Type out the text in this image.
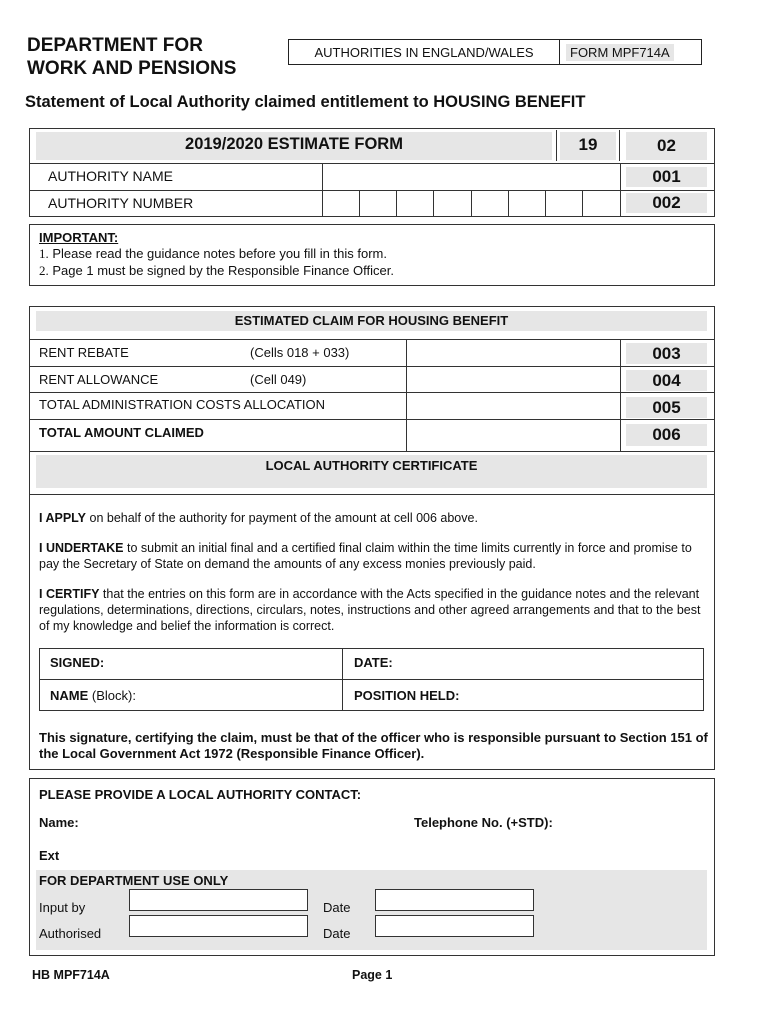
DEPARTMENT FOR
WORK AND PENSIONS
AUTHORITIES IN ENGLAND/WALES	FORM MPF714A
Statement of Local Authority claimed entitlement to HOUSING BENEFIT
2019/2020 ESTIMATE FORM	19	02
AUTHORITY NAME	001
AUTHORITY NUMBER	002
IMPORTANT:
1. Please read the guidance notes before you fill in this form.
2. Page 1 must be signed by the Responsible Finance Officer.
ESTIMATED CLAIM FOR HOUSING BENEFIT
RENT REBATE	(Cells 018 + 033)	003
RENT ALLOWANCE	(Cell 049)	004
TOTAL ADMINISTRATION COSTS ALLOCATION	005
TOTAL AMOUNT CLAIMED	006
LOCAL AUTHORITY CERTIFICATE
I APPLY on behalf of the authority for payment of the amount at cell 006 above.
I UNDERTAKE to submit an initial final and a certified final claim within the time limits currently in force and promise to pay the Secretary of State on demand the amounts of any excess monies previously paid.
I CERTIFY that the entries on this form are in accordance with the Acts specified in the guidance notes and the relevant regulations, determinations, directions, circulars, notes, instructions and other agreed arrangements and that to the best of my knowledge and belief the information is correct.
SIGNED:	DATE:
NAME (Block):	POSITION HELD:
This signature, certifying the claim, must be that of the officer who is responsible pursuant to Section 151 of the Local Government Act 1972 (Responsible Finance Officer).
PLEASE PROVIDE A LOCAL AUTHORITY CONTACT:
Name:	Telephone No. (+STD):
Ext
FOR DEPARTMENT USE ONLY
Input by	Date
Authorised	Date
HB MPF714A	Page 1
